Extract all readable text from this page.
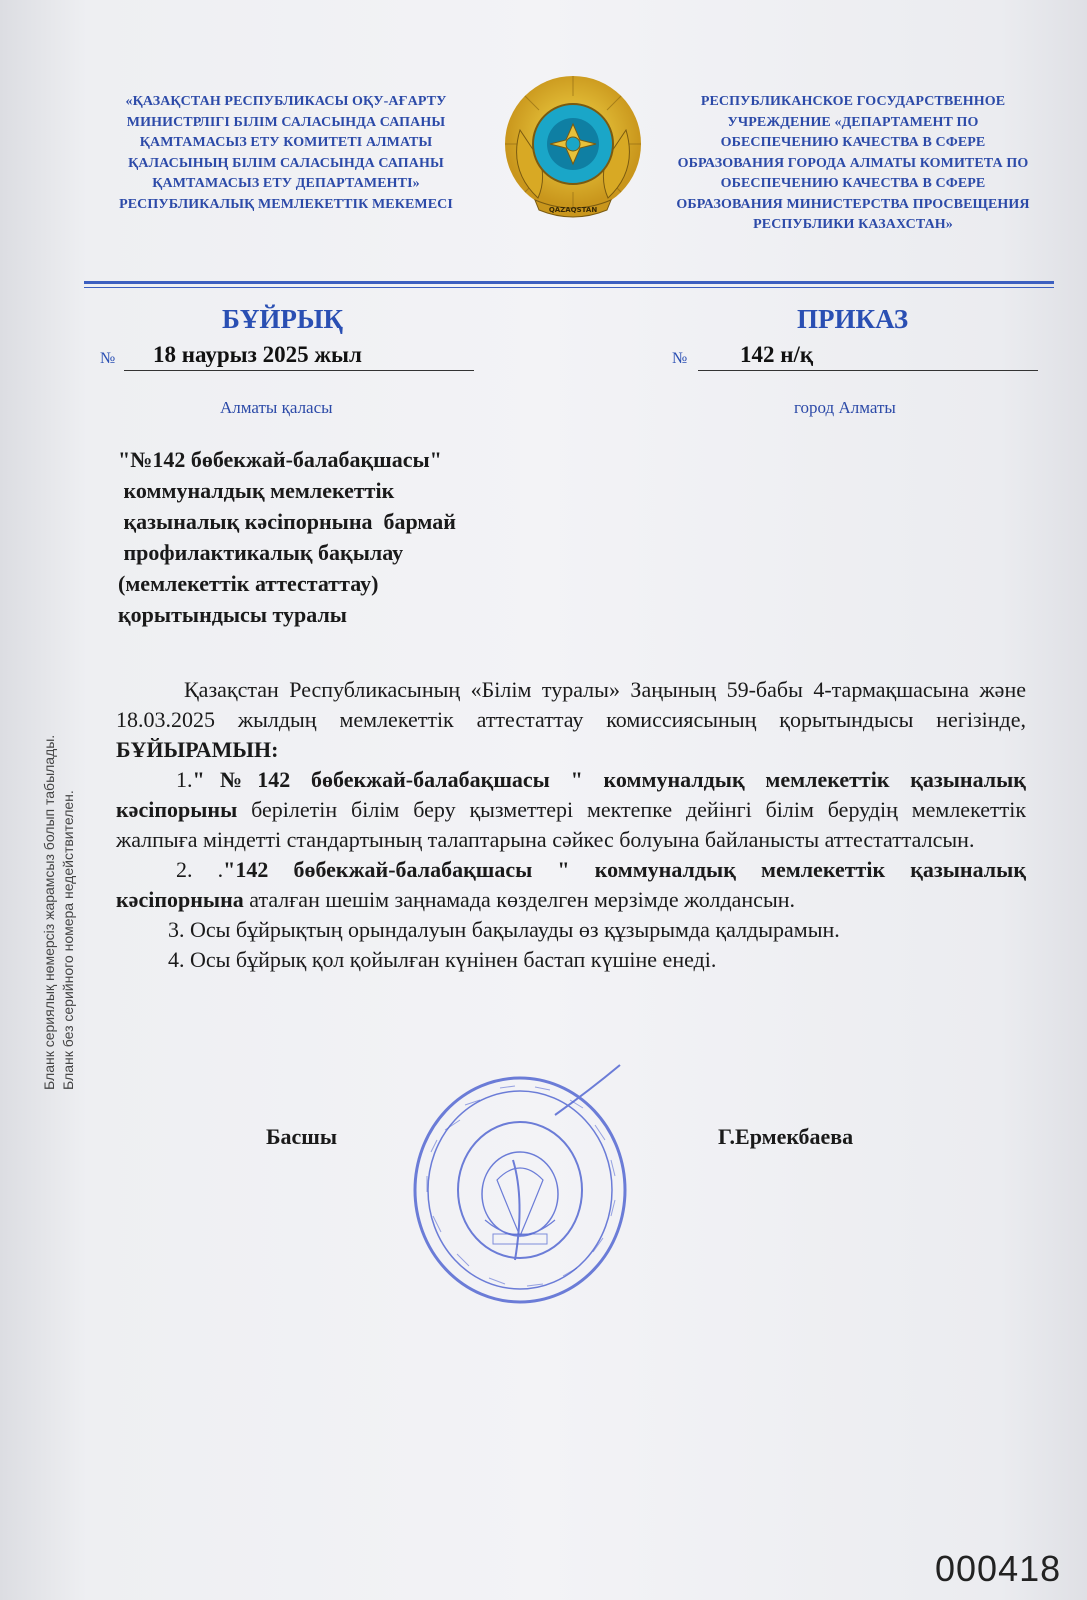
«ҚАЗАҚСТАН РЕСПУБЛИКАСЫ ОҚУ-АҒАРТУ
МИНИСТРЛІГІ БІЛІМ САЛАСЫНДА САПАНЫ
ҚАМТАМАСЫЗ ЕТУ КОМИТЕТІ АЛМАТЫ
ҚАЛАСЫНЫҢ БІЛІМ САЛАСЫНДА САПАНЫ
ҚАМТАМАСЫЗ ЕТУ ДЕПАРТАМЕНТІ»
РЕСПУБЛИКАЛЫҚ МЕМЛЕКЕТТІК МЕКЕМЕСІ	QAZAQSTAN
РЕСПУБЛИКАНСКОЕ ГОСУДАРСТВЕННОЕ
УЧРЕЖДЕНИЕ «ДЕПАРТАМЕНТ ПО
ОБЕСПЕЧЕНИЮ КАЧЕСТВА В СФЕРЕ
ОБРАЗОВАНИЯ ГОРОДА АЛМАТЫ КОМИТЕТА ПО
ОБЕСПЕЧЕНИЮ КАЧЕСТВА В СФЕРЕ
ОБРАЗОВАНИЯ МИНИСТЕРСТВА ПРОСВЕЩЕНИЯ
РЕСПУБЛИКИ КАЗАХСТАН»
БҰЙРЫҚ	ПРИКАЗ
№ 18 наурыз 2025 жыл	№ 142 н/қ
Алматы қаласы	город Алматы
"№142 бөбекжай-балабақшасы"
коммуналдық мемлекеттік
қазыналық кәсіпорнына  бармай
профилактикалық бақылау
(мемлекеттік аттестаттау)
қорытындысы туралы

Қазақстан Республикасының «Білім туралы» Заңының 59-бабы 4-тармақшасына және 18.03.2025 жылдың мемлекеттік аттестаттау комиссиясының қорытындысы негізінде, БҰЙЫРАМЫН:

1."№142 бөбекжай-балабақшасы " коммуналдық мемлекеттік қазыналық кәсіпорыны берілетін білім беру қызметтері мектепке дейінгі білім берудің мемлекеттік жалпыға міндетті стандартының талаптарына сәйкес болуына байланысты аттестатталсын.

2. ."142 бөбекжай-балабақшасы " коммуналдық мемлекеттік қазыналық кәсіпорнына аталған шешім заңнамада көзделген мерзімде жолдансын.

3. Осы бұйрықтың орындалуын бақылауды өз құзырымда қалдырамын.

4. Осы бұйрық қол қойылған күнінен бастап күшіне енеді.

Басшы	Г.Ермекбаева
Бланк сериялық нөмерсіз жарамсыз болып табылады. Бланк без серийного номера недействителен.
000418
